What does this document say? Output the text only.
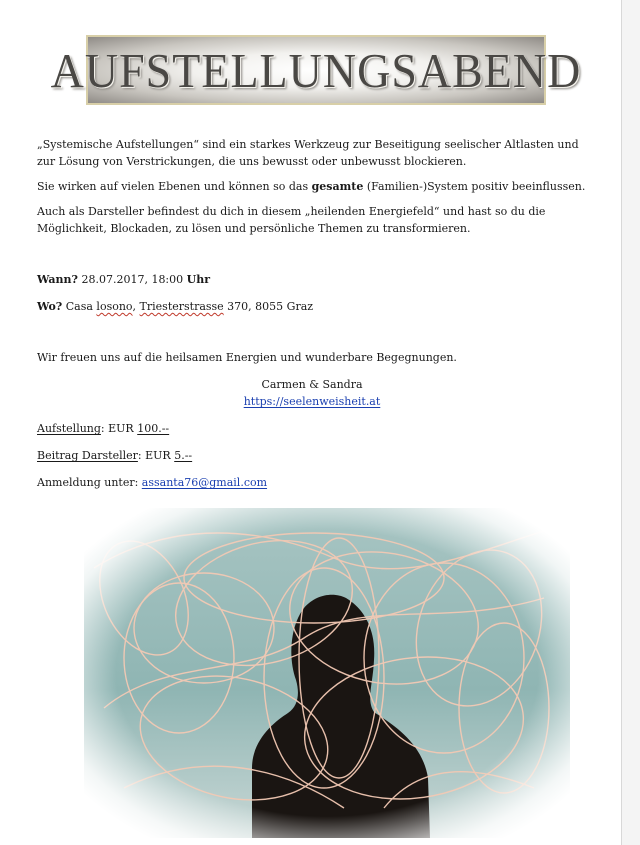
AUFSTELLUNGSABEND

„Systemische Aufstellungen“ sind ein starkes Werkzeug zur Beseitigung seelischer Altlasten und zur Lösung von Verstrickungen, die uns bewusst oder unbewusst blockieren.

Sie wirken auf vielen Ebenen und können so das gesamte (Familien-)System positiv beeinflussen.

Auch als Darsteller befindest du dich in diesem „heilenden Energiefeld“ und hast so du die Möglichkeit, Blockaden, zu lösen und persönliche Themen zu transformieren.

Wann? 28.07.2017, 18:00 Uhr

Wo? Casa losono, Triesterstrasse 370, 8055 Graz

Wir freuen uns auf die heilsamen Energien und wunderbare Begegnungen.

Carmen & Sandra

https://seelenweisheit.at

Aufstellung: EUR 100.--

Beitrag Darsteller: EUR 5.--

Anmeldung unter: assanta76@gmail.com
